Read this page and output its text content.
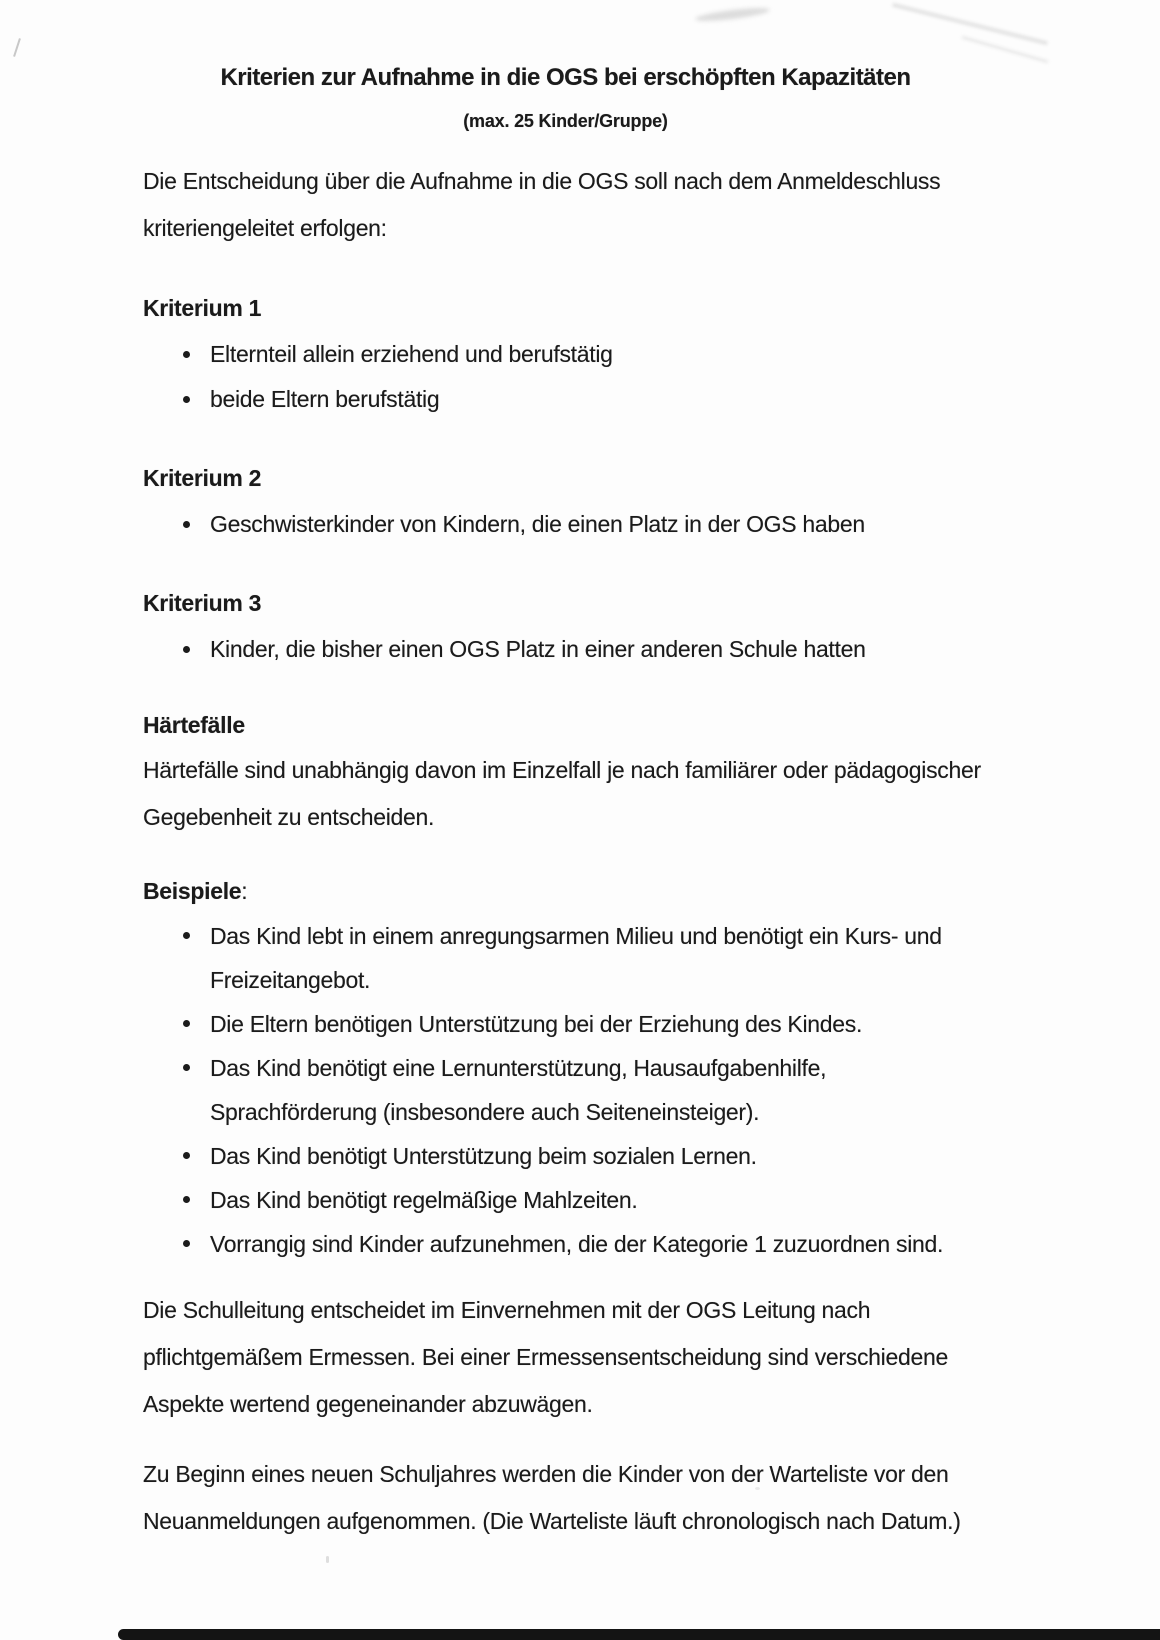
Kriterien zur Aufnahme in die OGS bei erschöpften Kapazitäten
(max. 25 Kinder/Gruppe)

Die Entscheidung über die Aufnahme in die OGS soll nach dem Anmeldeschluss
kriteriengeleitet erfolgen:

Kriterium 1
Elternteil allein erziehend und berufstätig
beide Eltern berufstätig
Kriterium 2
Geschwisterkinder von Kindern, die einen Platz in der OGS haben
Kriterium 3
Kinder, die bisher einen OGS Platz in einer anderen Schule hatten
Härtefälle

Härtefälle sind unabhängig davon im Einzelfall je nach familiärer oder pädagogischer
Gegebenheit zu entscheiden.

Beispiele:
Das Kind lebt in einem anregungsarmen Milieu und benötigt ein Kurs- und
Freizeitangebot.
Die Eltern benötigen Unterstützung bei der Erziehung des Kindes.
Das Kind benötigt eine Lernunterstützung, Hausaufgabenhilfe,
Sprachförderung (insbesondere auch Seiteneinsteiger).
Das Kind benötigt Unterstützung beim sozialen Lernen.
Das Kind benötigt regelmäßige Mahlzeiten.
Vorrangig sind Kinder aufzunehmen, die der Kategorie 1 zuzuordnen sind.

Die Schulleitung entscheidet im Einvernehmen mit der OGS Leitung nach
pflichtgemäßem Ermessen. Bei einer Ermessensentscheidung sind verschiedene
Aspekte wertend gegeneinander abzuwägen.

Zu Beginn eines neuen Schuljahres werden die Kinder von der Warteliste vor den
Neuanmeldungen aufgenommen. (Die Warteliste läuft chronologisch nach Datum.)
